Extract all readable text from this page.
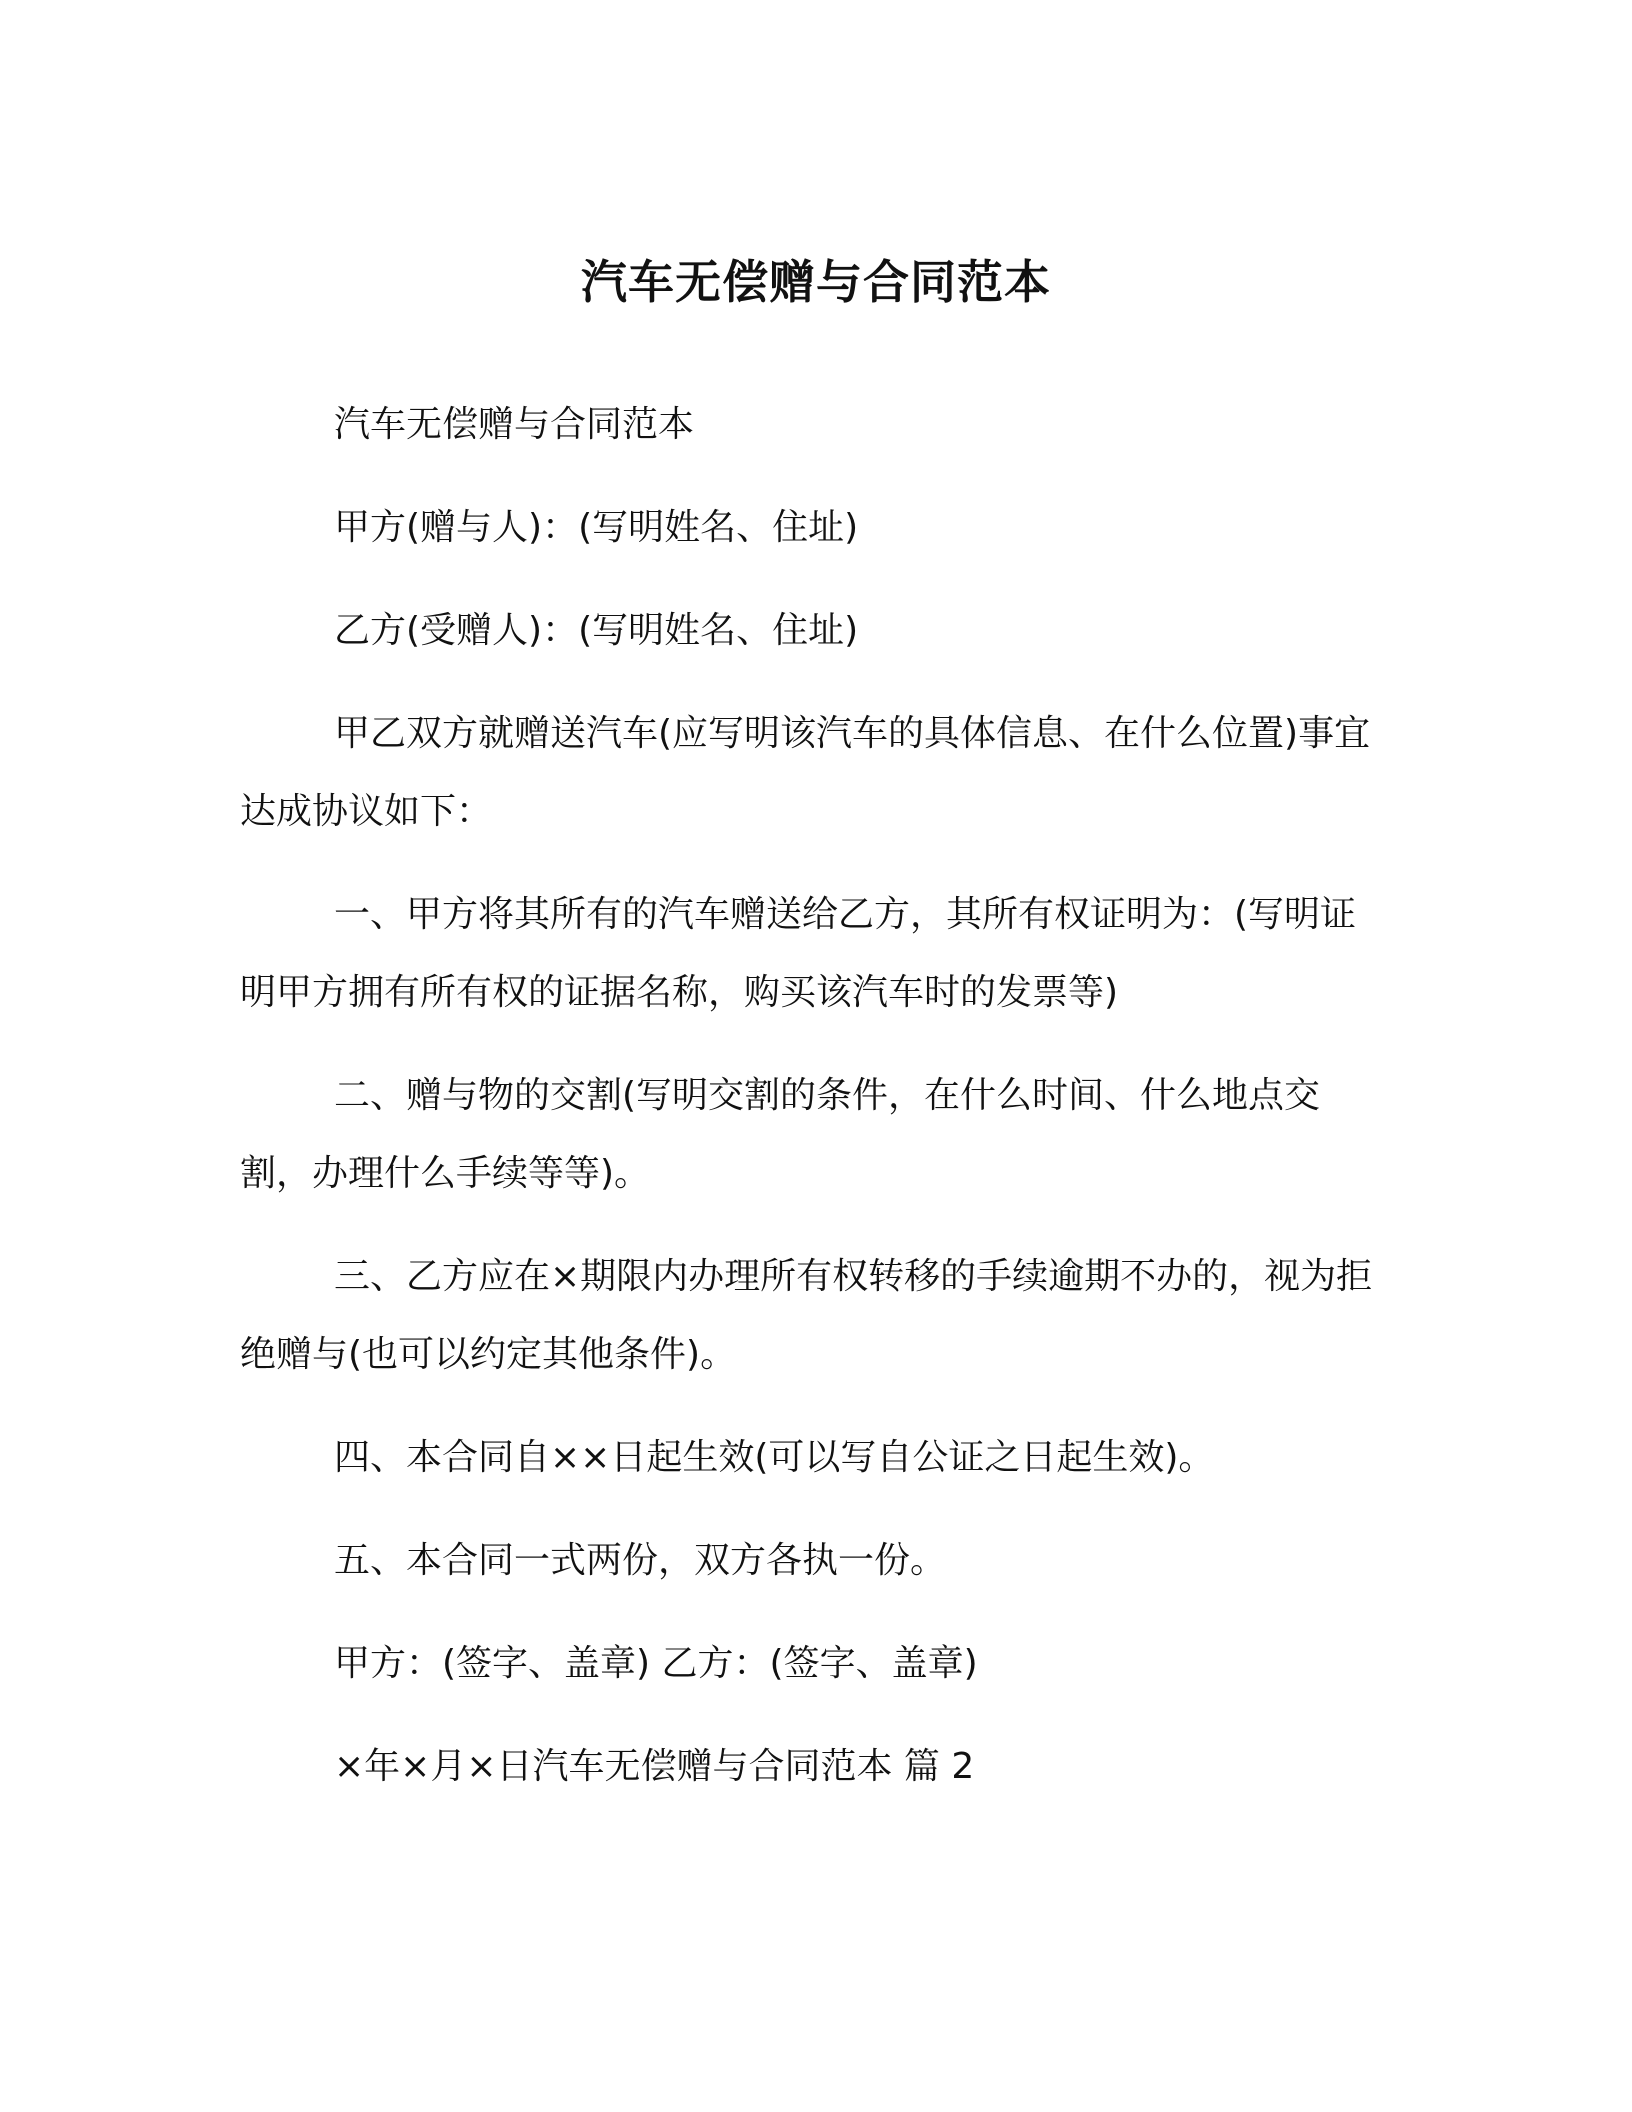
汽车无偿赠与合同范本

汽车无偿赠与合同范本

甲方(赠与人)：(写明姓名、住址)

乙方(受赠人)：(写明姓名、住址)

甲乙双方就赠送汽车(应写明该汽车的具体信息、在什么位置)事宜达成协议如下：

一、甲方将其所有的汽车赠送给乙方，其所有权证明为：(写明证明甲方拥有所有权的证据名称，购买该汽车时的发票等)

二、赠与物的交割(写明交割的条件，在什么时间、什么地点交割，办理什么手续等等)。

三、乙方应在×期限内办理所有权转移的手续逾期不办的，视为拒绝赠与(也可以约定其他条件)。

四、本合同自××日起生效(可以写自公证之日起生效)。

五、本合同一式两份，双方各执一份。

甲方：(签字、盖章) 乙方：(签字、盖章)

×年×月×日汽车无偿赠与合同范本 篇 2
